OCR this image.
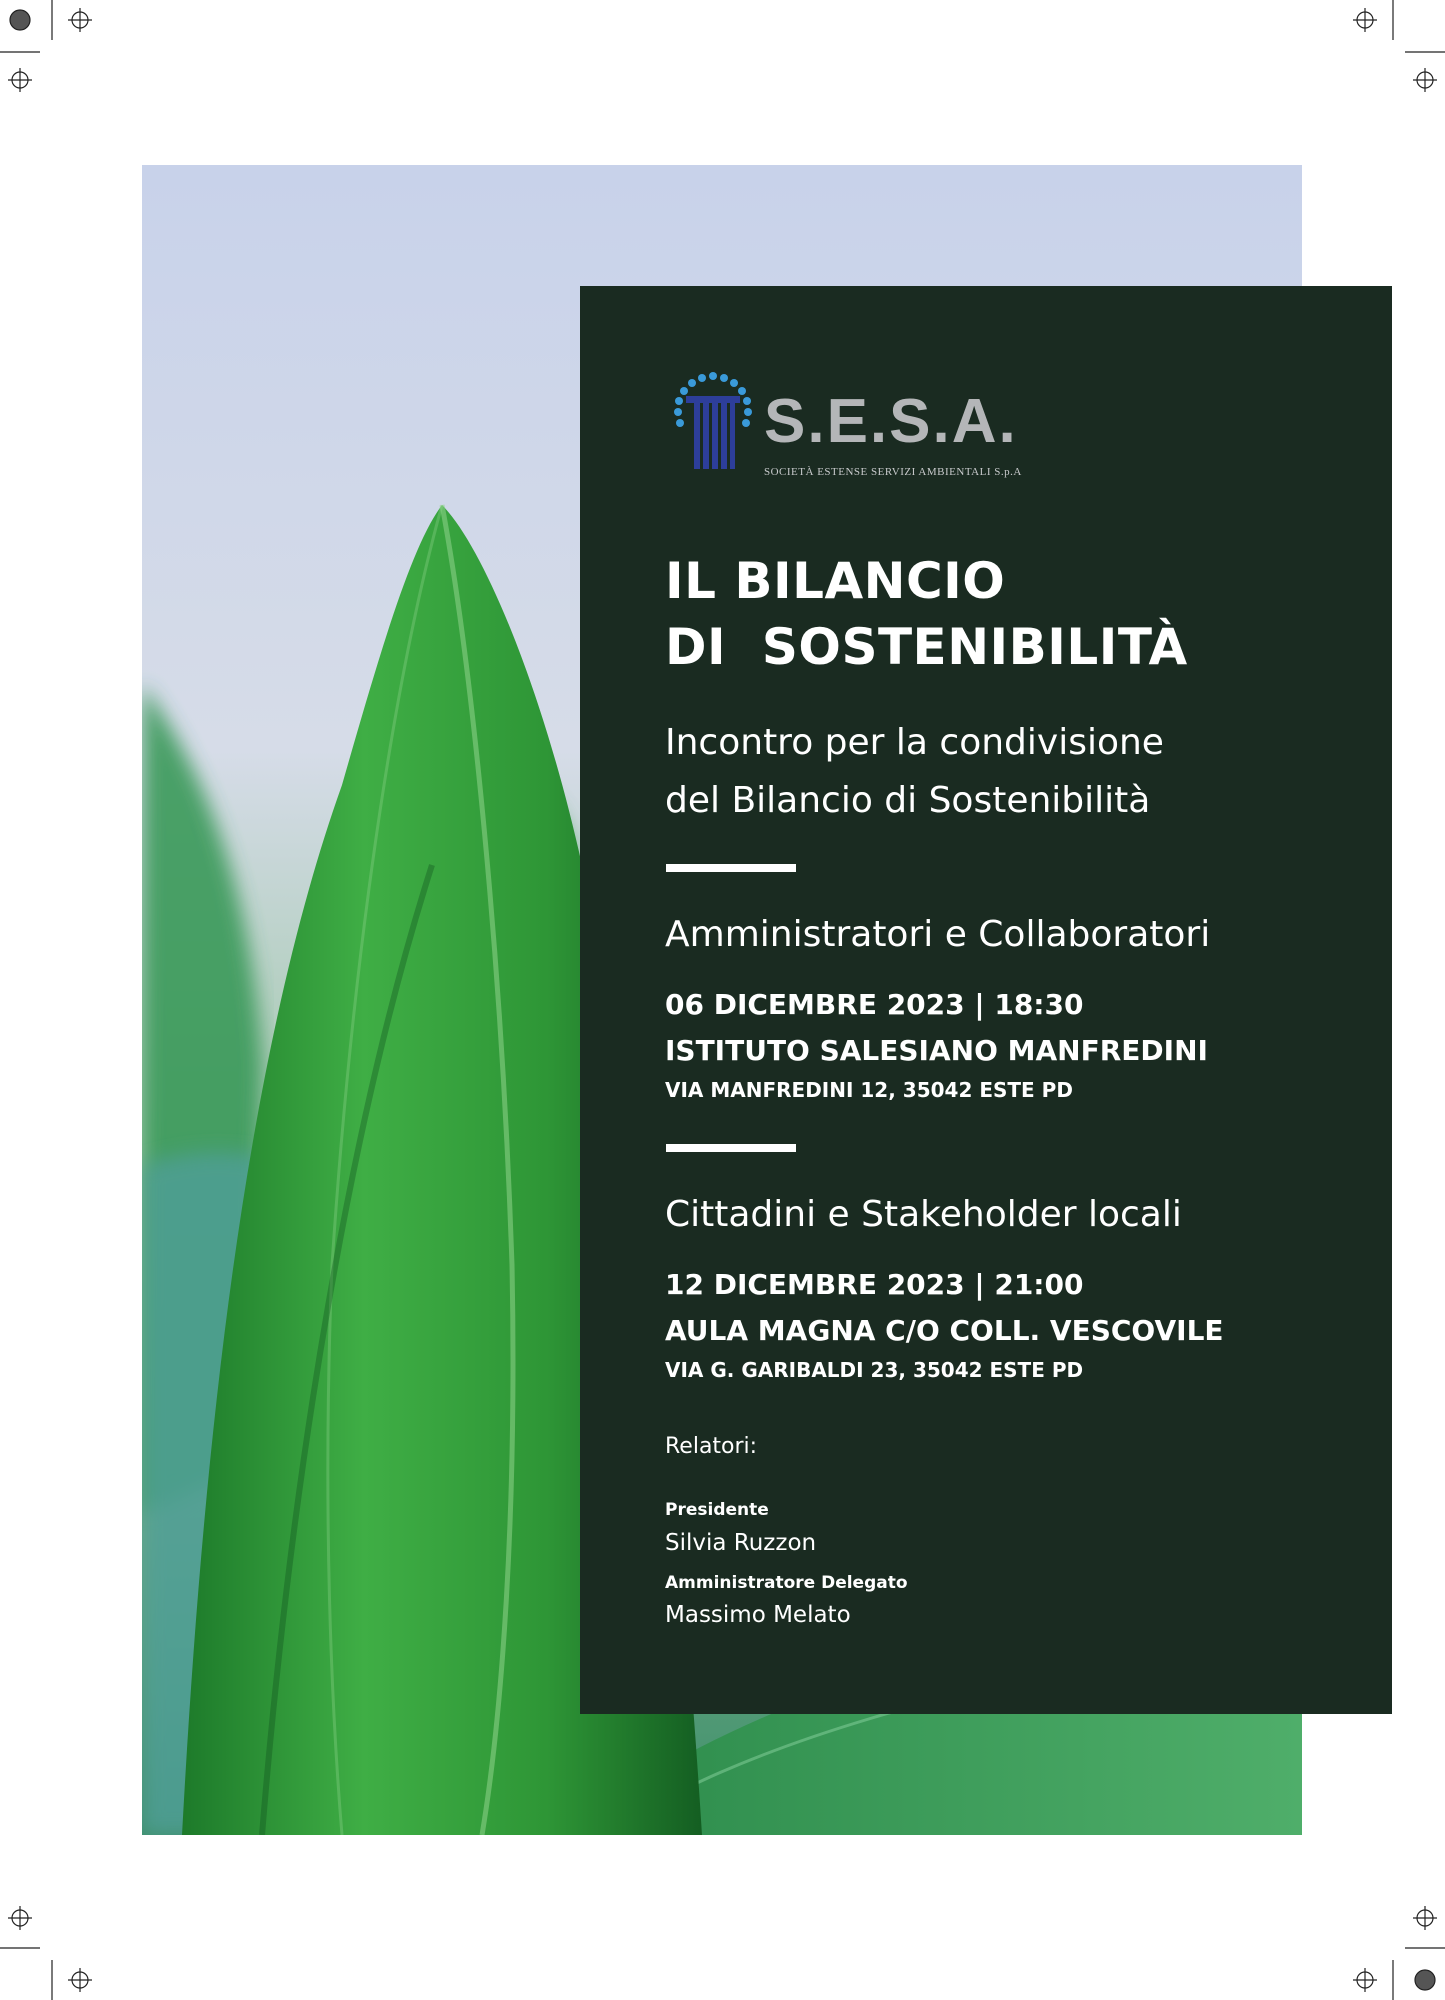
S.E.S.A.
SOCIETÀ ESTENSE SERVIZI AMBIENTALI S.p.A
IL BILANCIO
DI  SOSTENIBILITÀ
Incontro per la condivisione
del Bilancio di Sostenibilità
Amministratori e Collaboratori
06 DICEMBRE 2023 | 18:30
ISTITUTO SALESIANO MANFREDINI
VIA MANFREDINI 12, 35042 ESTE PD
Cittadini e Stakeholder locali
12 DICEMBRE 2023 | 21:00
AULA MAGNA C/O COLL. VESCOVILE
VIA G. GARIBALDI 23, 35042 ESTE PD
Relatori:
Presidente
Silvia Ruzzon
Amministratore Delegato
Massimo Melato
